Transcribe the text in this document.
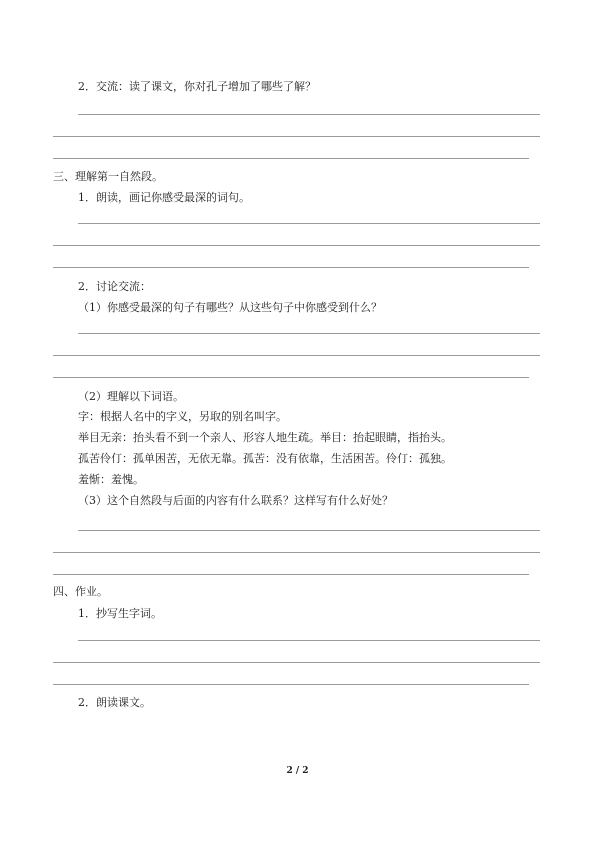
2．交流：读了课文，你对孔子增加了哪些了解？
三、理解第一自然段。
1．朗读，画记你感受最深的词句。
2．讨论交流：
（1）你感受最深的句子有哪些？从这些句子中你感受到什么？
（2）理解以下词语。
字：根据人名中的字义，另取的别名叫字。
举目无亲：抬头看不到一个亲人、形容人地生疏。举目：抬起眼睛，指抬头。
孤苦伶仃：孤单困苦，无依无靠。孤苦：没有依靠，生活困苦。伶仃：孤独。
羞惭：羞愧。
（3）这个自然段与后面的内容有什么联系？这样写有什么好处？
四、作业。
1．抄写生字词。
2．朗读课文。
2 / 2
